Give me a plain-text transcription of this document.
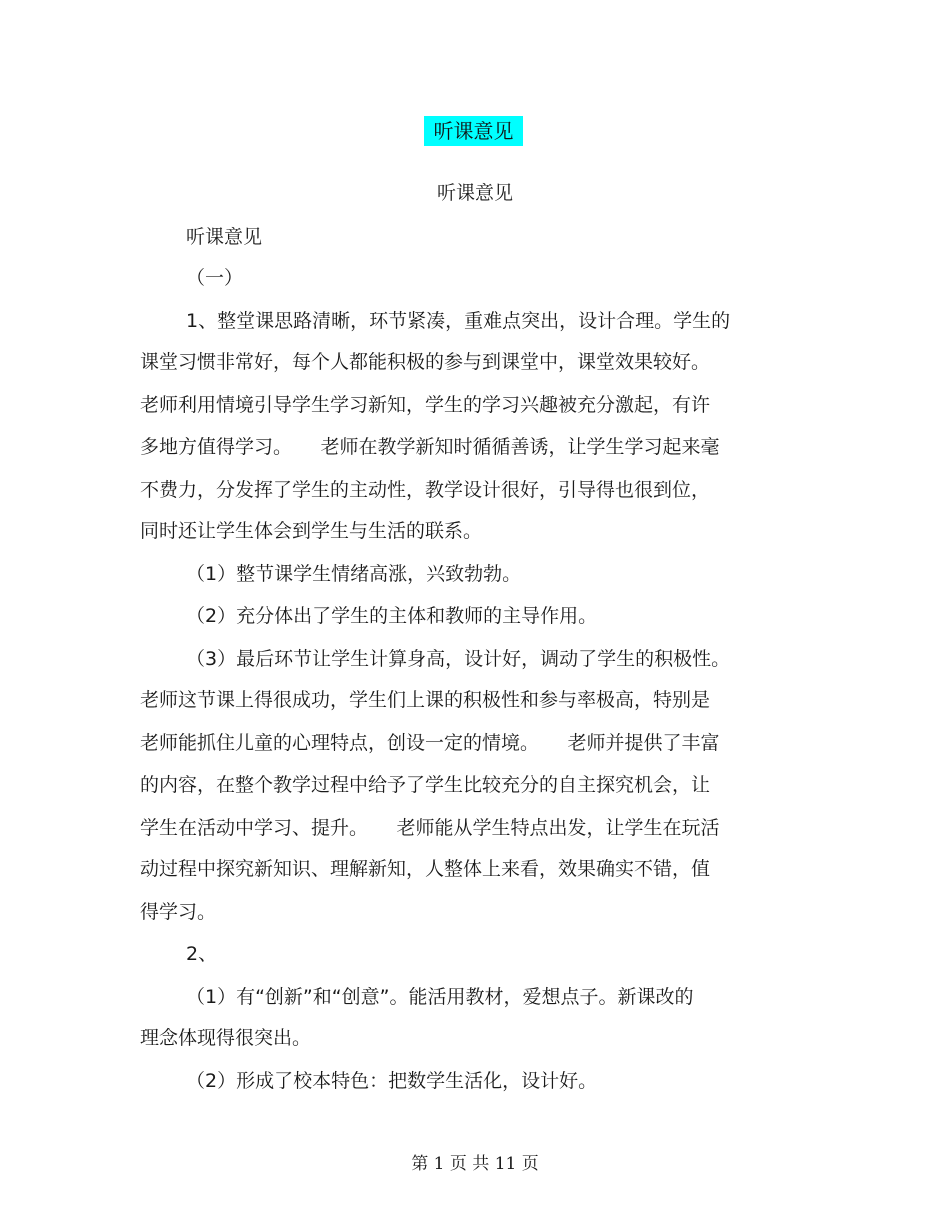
听课意见
听课意见
听课意见
（一）
1、整堂课思路清晰，环节紧凑，重难点突出，设计合理。学生的
课堂习惯非常好，每个人都能积极的参与到课堂中，课堂效果较好。
老师利用情境引导学生学习新知，学生的学习兴趣被充分激起，有许
多地方值得学习。　　老师在教学新知时循循善诱，让学生学习起来毫
不费力，分发挥了学生的主动性，教学设计很好，引导得也很到位，
同时还让学生体会到学生与生活的联系。
（1）整节课学生情绪高涨，兴致勃勃。
（2）充分体出了学生的主体和教师的主导作用。
（3）最后环节让学生计算身高，设计好，调动了学生的积极性。
老师这节课上得很成功，学生们上课的积极性和参与率极高，特别是
老师能抓住儿童的心理特点，创设一定的情境。　　老师并提供了丰富
的内容，在整个教学过程中给予了学生比较充分的自主探究机会，让
学生在活动中学习、提升。　　老师能从学生特点出发，让学生在玩活
动过程中探究新知识、理解新知，人整体上来看，效果确实不错，值
得学习。
2、
（1）有“创新”和“创意”。能活用教材，爱想点子。新课改的
理念体现得很突出。
（2）形成了校本特色：把数学生活化，设计好。
第 1 页 共 11 页
